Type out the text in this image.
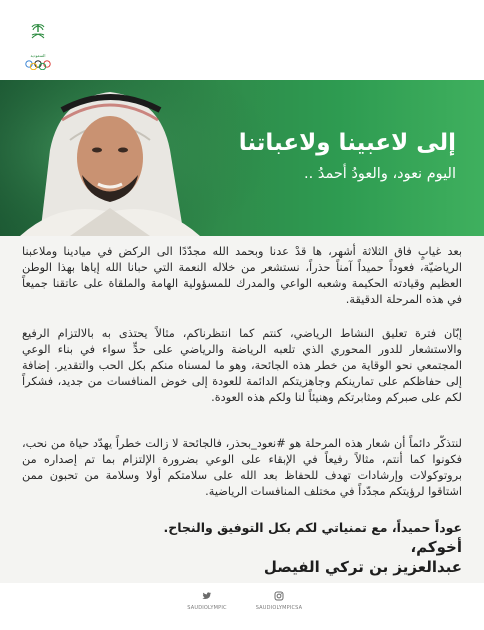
السعودية
إلى لاعبينا ولاعباتنا
اليوم نعود، والعودُ أحمدُ ..

بعد غيابٍ فاق الثلاثة أشهر، ها قدْ عدنا وبحمد الله مجدّدًا الى الركض في ميادينا وملاعبنا الرياضيّة، فعوداً حميداً آمناً حذراً، نستشعر من خلاله النعمة التي حبانا الله إياها بهذا الوطن العظيم وقيادته الحكيمة وشعبه الواعي والمدرك للمسؤولية الهامة والملقاة على عاتقنا جميعاً في هذه المرحلة الدقيقة.

إبّان فترة تعليق النشاط الرياضي، كنتم كما انتظرناكم، مثالاً يحتذى به بالالتزام الرفيع والاستشعار للدور المحوري الذي تلعبه الرياضة والرياضي على حدٍّ سواء في بناء الوعي المجتمعي نحو الوقاية من خطر هذه الجائحة، وهو ما لمسناه منكم بكل الحب والتقدير. إضافة إلى حفاظكم على تمارينكم وجاهزيتكم الدائمة للعودة إلى خوض المنافسات من جديد، فشكراً لكم على صبركم ومثابرتكم وهنيئاً لنا ولكم هذه العودة.

لنتذكّر دائماً أن شعار هذه المرحلة هو #نعود_بحذر، فالجائحة لا زالت خطراً يهدّد حياة من نحب، فكونوا كما أنتم، مثالاً رفيعاً في الإبقاء على الوعي بضرورة الإلتزام بما تم إصداره من بروتوكولات وإرشادات تهدف للحفاظ بعد الله على سلامتكم أولا وسلامة من تحبون ممن اشتاقوا لرؤيتكم مجدّداً في مختلف المنافسات الرياضية.

عوداً حميداً، مع تمنياتي لكم بكل التوفيق والنجاح.
أخوكم،
عبدالعزيز بن تركي الفيصل
SAUDIOLYMPIC	SAUDIOLYMPICSA
